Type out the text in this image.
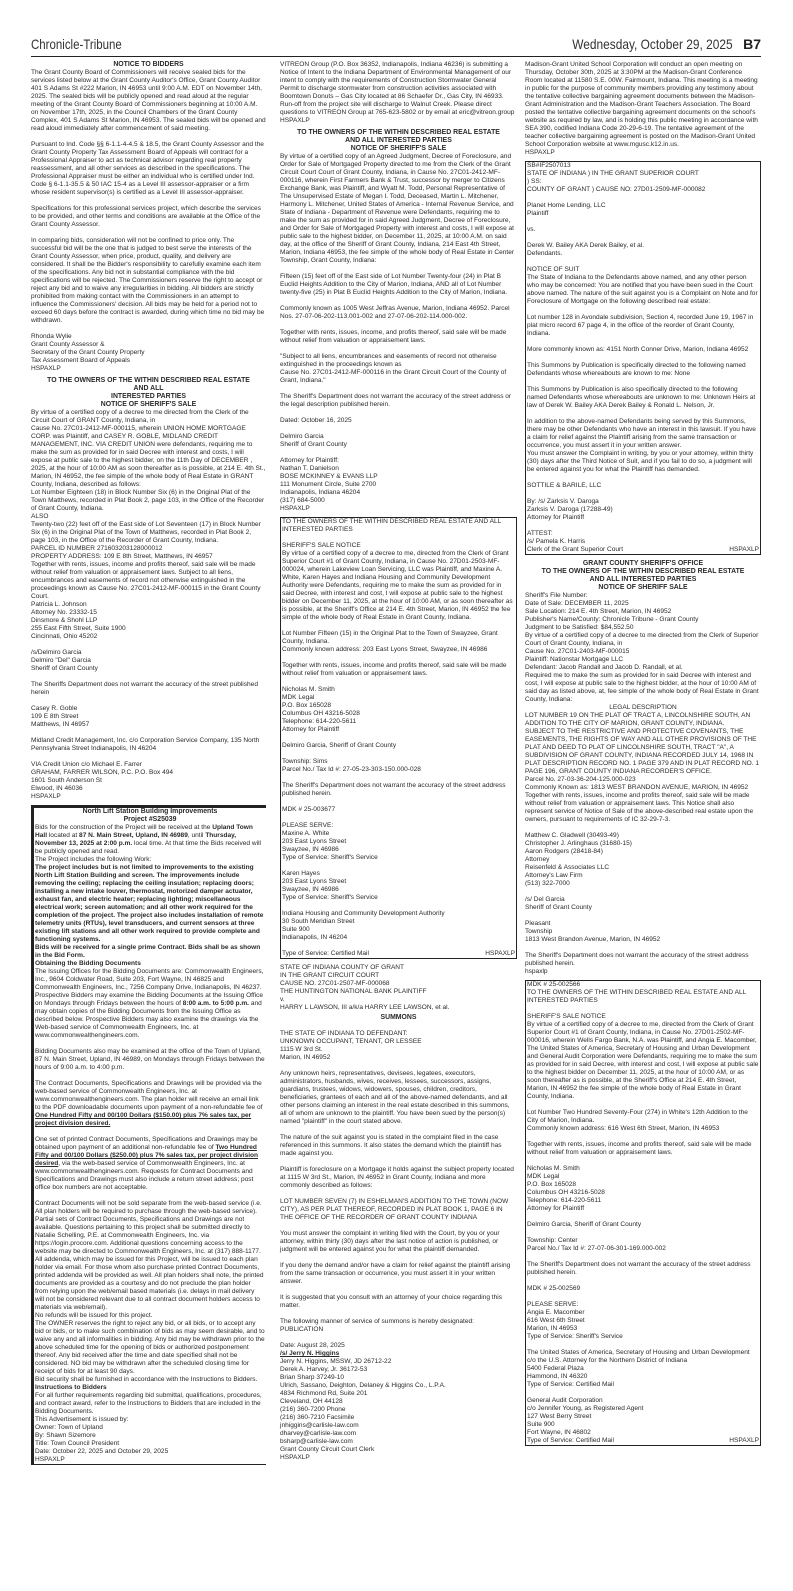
Chronicle-Tribune	Wednesday, October 29, 2025 B7
NOTICE TO BIDDERS
The Grant County Board of Commissioners will receive sealed bids for the services listed below at the Grant County Auditor's Office, Grant County Auditor 401 S Adams St #222 Marion, IN 46953 until 9:00 A.M. EDT on November 14th, 2025. The sealed bids will be publicly opened and read aloud at the regular meeting of the Grant County Board of Commissioners beginning at 10:00 A.M. on November 17th, 2025, in the Council Chambers of the Grant County Complex, 401 S Adams St Marion, IN 46953. The sealed bids will be opened and read aloud immediately after commencement of said meeting.
Pursuant to Ind. Code §§ 6-1.1-4-4.5 & 18.5, the Grant County Assessor and the Grant County Property Tax Assessment Board of Appeals will contract for a Professional Appraiser to act as technical advisor regarding real property reassessment, and all other services as described in the specifications. The Professional Appraiser must be either an individual who is certified under Ind. Code § 6-1.1-35.5 & 50 IAC 15-4 as a Level III assessor-appraiser or a firm whose resident supervisor(s) is certified as a Level III assessor-appraiser.
Specifications for this professional services project, which describe the services to be provided, and other terms and conditions are available at the Office of the Grant County Assessor.
In comparing bids, consideration will not be confined to price only. The successful bid will be the one that is judged to best serve the interests of the Grant County Assessor, when price, product, quality, and delivery are considered. It shall be the Bidder's responsibility to carefully examine each item of the specifications. Any bid not in substantial compliance with the bid specifications will be rejected. The Commissioners reserve the right to accept or reject any bid and to waive any irregularities in bidding. All bidders are strictly prohibited from making contact with the Commissioners in an attempt to influence the Commissioners' decision. All bids may be held for a period not to exceed 60 days before the contract is awarded, during which time no bid may be withdrawn.
Rhonda Wylie
Grant County Assessor &
Secretary of the Grant County Property
Tax Assessment Board of Appeals
HSPAXLP
TO THE OWNERS OF THE WITHIN DESCRIBED REAL ESTATE
AND ALL
INTERESTED PARTIES
NOTICE OF SHERIFF'S SALE
By virtue of a certified copy of a decree to me directed from the Clerk of the Circuit Court of GRANT County, Indiana, in
Cause No. 27C01-2412-MF-000115, wherein UNION HOME MORTGAGE CORP. was Plaintiff, and CASEY R. GOBLE, MIDLAND CREDIT MANAGEMENT, INC. VIA CREDIT UNION were defendants, requiring me to make the sum as provided for in said Decree with interest and costs, I will expose at public sale to the highest bidder, on the 11th Day of DECEMBER , 2025, at the hour of 10:00 AM as soon thereafter as is possible, at 214 E. 4th St., Marion, IN 46952, the fee simple of the whole body of Real Estate in GRANT County, Indiana, described as follows:
Lot Number Eighteen (18) in Block Number Six (6) in the Original Plat of the Town Matthews, recorded in Plat Book 2, page 103, in the Office of the Recorder of Grant County, Indiana.
ALSO
Twenty-two (22) feet off of the East side of Lot Seventeen (17) in Block Number Six (6) in the Original Plat of the Town of Matthews, recorded in Plat Book 2, page 103, in the Office of the Recorder of Grant County, Indiana.
PARCEL ID NUMBER 271603203128000012
PROPERTY ADDRESS: 109 E 8th Street, Matthews, IN 46957
Together with rents, issues, income and profits thereof, said sale will be made without relief from valuation or appraisement laws. Subject to all liens, encumbrances and easements of record not otherwise extinguished in the proceedings known as Cause No. 27C01-2412-MF-000115 in the Grant County Court.
Patricia L. Johnson
Attorney No. 23332-15
Dinsmore & Shohl LLP
255 East Fifth Street, Suite 1900
Cincinnati, Ohio 45202
/s/Delmiro Garcia
Delmiro "Del" Garcia
Sheriff of Grant County
The Sheriffs Department does not warrant the accuracy of the street published herein
Casey R. Goble
109 E 8th Street
Matthews, IN 46957
Midland Credit Management, Inc. c/o Corporation Service Company, 135 North Pennsylvania Street Indianapolis, IN 46204
VIA Credit Union c/o Michael E. Farrer
GRAHAM, FARRER WILSON, P.C. P.O. Box 494
1601 South Anderson St
Elwood, IN 46036
HSPAXLP
North Lift Station Building Improvements
Project #S25039
Bids for the construction of the Project will be received at the Upland Town Hall located at 87 N. Main Street, Upland, IN 46989, until Thursday, November 13, 2025 at 2:00 p.m. local time. At that time the Bids received will be publicly opened and read.
The Project includes the following Work:
The project includes but is not limited to improvements to the existing North Lift Station Building and screen. The improvements include removing the ceiling; replacing the ceiling insulation; replacing doors; installing a new intake louver, thermostat, motorized damper actuator, exhaust fan, and electric heater; replacing lighting; miscellaneous electrical work; screen automation; and all other work required for the completion of the project. The project also includes installation of remote telemetry units (RTUs), level transducers, and current sensors at three existing lift stations and all other work required to provide complete and functioning systems.
Bids will be received for a single prime Contract. Bids shall be as shown in the Bid Form.
Obtaining the Bidding Documents
The Issuing Offices for the Bidding Documents are: Commonwealth Engineers, Inc., 9604 Coldwater Road, Suite 203, Fort Wayne, IN 46825 and Commonwealth Engineers, Inc., 7256 Company Drive, Indianapolis, IN 46237. Prospective Bidders may examine the Bidding Documents at the Issuing Office on Mondays through Fridays between the hours of 8:00 a.m. to 5:00 p.m. and may obtain copies of the Bidding Documents from the Issuing Office as described below. Prospective Bidders may also examine the drawings via the Web-based service of Commonwealth Engineers, Inc. at www.commonwealthengineers.com.
Bidding Documents also may be examined at the office of the Town of Upland, 87 N. Main Street, Upland, IN 46989, on Mondays through Fridays between the hours of 9:00 a.m. to 4:00 p.m.
The Contract Documents, Specifications and Drawings will be provided via the web-based service of Commonwealth Engineers, Inc. at www.commonwealthengineers.com. The plan holder will receive an email link to the PDF downloadable documents upon payment of a non-refundable fee of One Hundred Fifty and 00/100 Dollars ($150.00) plus 7% sales tax, per project division desired.
One set of printed Contract Documents, Specifications and Drawings may be obtained upon payment of an additional non-refundable fee of Two Hundred Fifty and 00/100 Dollars ($250.00) plus 7% sales tax, per project division desired, via the web-based service of Commonwealth Engineers, Inc. at www.commonwealthengineers.com. Requests for Contract Documents and Specifications and Drawings must also include a return street address; post office box numbers are not acceptable.
Contract Documents will not be sold separate from the web-based service (i.e. All plan holders will be required to purchase through the web-based service). Partial sets of Contract Documents, Specifications and Drawings are not available. Questions pertaining to this project shall be submitted directly to Natalie Schelling, P.E. at Commonwealth Engineers, Inc. via https://login.procore.com. Additional questions concerning access to the website may be directed to Commonwealth Engineers, Inc. at (317) 888-1177.
All addenda, which may be issued for this Project, will be issued to each plan holder via email. For those whom also purchase printed Contract Documents, printed addenda will be provided as well. All plan holders shall note, the printed documents are provided as a courtesy and do not preclude the plan holder from relying upon the web/email based materials (i.e. delays in mail delivery will not be considered relevant due to all contract document holders access to materials via web/email).
No refunds will be issued for this project.
The OWNER reserves the right to reject any bid, or all bids, or to accept any bid or bids, or to make such combination of bids as may seem desirable, and to waive any and all informalities in bidding. Any bid may be withdrawn prior to the above scheduled time for the opening of bids or authorized postponement thereof. Any bid received after the time and date specified shall not be considered. NO bid may be withdrawn after the scheduled closing time for receipt of bids for at least 90 days.
Bid security shall be furnished in accordance with the Instructions to Bidders.
Instructions to Bidders
For all further requirements regarding bid submittal, qualifications, procedures, and contract award, refer to the Instructions to Bidders that are included in the Bidding Documents.
This Advertisement is issued by:
Owner: Town of Upland
By: Shawn Sizemore
Title: Town Council President
Date: October 22, 2025 and October 29, 2025
HSPAXLP
VITREON Group (P.O. Box 36352, Indianapolis, Indiana 46236) is submitting a Notice of Intent to the Indiana Department of Environmental Management of our intent to comply with the requirements of Construction Stormwater General Permit to discharge stormwater from construction activities associated with Boomtown Donuts – Gas City located at 86 Schaefer Dr., Gas City, IN 46933. Run-off from the project site will discharge to Walnut Creek. Please direct questions to VITREON Group at 765-623-5802 or by email at eric@vitreon.group
HSPAXLP
TO THE OWNERS OF THE WITHIN DESCRIBED REAL ESTATE
AND ALL INTERESTED PARTIES
NOTICE OF SHERIFF'S SALE
By virtue of a certified copy of an Agreed Judgment, Decree of Foreclosure, and Order for Sale of Mortgaged Property directed to me from the Clerk of the Grant Circuit Court Court of Grant County, Indiana, in Cause No. 27C01-2412-MF-000116, wherein First Farmers Bank & Trust, successor by merger to Citizens Exchange Bank, was Plaintiff, and Wyatt M. Todd, Personal Representative of The Unsupervised Estate of Megan I. Todd, Deceased, Martin L. Mitchener, Harmony L. Mitchener, United States of America - Internal Revenue Service, and State of Indiana - Department of Revenue were Defendants, requiring me to make the sum as provided for in said Agreed Judgment, Decree of Foreclosure, and Order for Sale of Mortgaged Property with interest and costs, I will expose at public sale to the highest bidder, on December 11, 2025, at 10:00 A.M. on said day, at the office of the Sheriff of Grant County, Indiana, 214 East 4th Street, Marion, Indiana 46953, the fee simple of the whole body of Real Estate in Center Township, Grant County, Indiana:
Fifteen (15) feet off of the East side of Lot Number Twenty-four (24) in Plat B Euclid Heights Addition to the City of Marion, Indiana, AND all of Lot Number twenty-five (25) in Plat B Euclid Heights Addition to the City of Marion, Indiana.
Commonly known as 1005 West Jeffras Avenue, Marion, Indiana 46952. Parcel Nos. 27-07-06-202-113.001-002 and 27-07-06-202-114.000-002.
Together with rents, issues, income, and profits thereof, said sale will be made without relief from valuation or appraisement laws.
"Subject to all liens, encumbrances and easements of record not otherwise extinguished in the proceedings known as
Cause No. 27C01-2412-MF-000116 in the Grant Circuit Court of the County of Grant, Indiana."
The Sheriff's Department does not warrant the accuracy of the street address or the legal description published herein.
Dated: October 16, 2025
Delmiro Garcia
Sheriff of Grant County
Attorney for Plaintiff:
Nathan T. Danielson
BOSE MCKINNEY & EVANS LLP
111 Monument Circle, Suite 2700
Indianapolis, Indiana 46204
(317) 684-5000
HSPAXLP
TO THE OWNERS OF THE WITHIN DESCRIBED REAL ESTATE AND ALL INTERESTED PARTIES
SHERIFF'S SALE NOTICE
By virtue of a certified copy of a decree to me, directed from the Clerk of Grant Superior Court #1 of Grant County, Indiana, in Cause No. 27D01-2503-MF-000024, wherein Lakeview Loan Servicing, LLC was Plaintiff, and Maxine A. White, Karen Hayes and Indiana Housing and Community Development Authority were Defendants, requiring me to make the sum as provided for in said Decree, with interest and cost, I will expose at public sale to the highest bidder on December 11, 2025, at the hour of 10:00 AM, or as soon thereafter as is possible, at the Sheriff's Office at 214 E. 4th Street, Marion, IN 46952 the fee simple of the whole body of Real Estate in Grant County, Indiana.
Lot Number Fifteen (15) in the Original Plat to the Town of Swayzee, Grant County, Indiana.
Commonly known address: 203 East Lyons Street, Swayzee, IN 46986
Together with rents, issues, income and profits thereof, said sale will be made without relief from valuation or appraisement laws.
Nicholas M. Smith
MDK Legal
P.O. Box 165028
Columbus OH 43216-5028
Telephone: 614-220-5611
Attorney for Plaintiff
Delmiro Garcia, Sheriff of Grant County
Township: Sims
Parcel No./ Tax Id #: 27-05-23-303-150.000-028
The Sheriff's Department does not warrant the accuracy of the street address published herein.
MDK # 25-003677
PLEASE SERVE:
Maxine A. White
203 East Lyons Street
Swayzee, IN 46986
Type of Service: Sheriff's Service
Karen Hayes
203 East Lyons Street
Swayzee, IN 46986
Type of Service: Sheriff's Service
Indiana Housing and Community Development Authority
30 South Meridian Street
Suite 900
Indianapolis, IN 46204
Type of Service: Certified Mail	HSPAXLP
STATE OF INDIANA COUNTY OF GRANT
IN THE GRANT CIRCUIT COURT
CAUSE NO. 27C01-2507-MF-000068
THE HUNTINGTON NATIONAL BANK PLAINTIFF
v.
HARRY L LAWSON, III a/k/a HARRY LEE LAWSON, et al.
SUMMONS
THE STATE OF INDIANA TO DEFENDANT:
UNKNOWN OCCUPANT, TENANT, OR LESSEE
1115 W 3rd St.
Marion, IN 46952
Any unknown heirs, representatives, devisees, legatees, executors, administrators, husbands, wives, receives, lessees, successors, assigns, guardians, trustees, widows, widowers, spouses, children, creditors, beneficiaries, grantees of each and all of the above-named defendants, and all other persons claiming an interest in the real estate described in this summons, all of whom are unknown to the plaintiff. You have been sued by the person(s) named "plaintiff" in the court stated above.
The nature of the suit against you is stated in the complaint filed in the case referenced in this summons. It also states the demand which the plaintiff has made against you.
Plaintiff is foreclosure on a Mortgage it holds against the subject property located at 1115 W 3rd St., Marion, IN 46952 in Grant County, Indiana and more commonly described as follows:
LOT NUMBER SEVEN (7) IN ESHELMAN'S ADDITION TO THE TOWN (NOW CITY), AS PER PLAT THEREOF, RECORDED IN PLAT BOOK 1, PAGE 6 IN THE OFFICE OF THE RECORDER OF GRANT COUNTY INDIANA
You must answer the complaint in writing filed with the Court, by you or your attorney, within thirty (30) days after the last notice of action is published, or judgment will be entered against you for what the plaintiff demanded.
If you deny the demand and/or have a claim for relief against the plaintiff arising from the same transaction or occurrence, you must assert it in your written answer.
It is suggested that you consult with an attorney of your choice regarding this matter.
The following manner of service of summons is hereby designated:
PUBLICATION
Date: August 28, 2025
/s/ Jerry N. Higgins
Jerry N. Higgins, MSSW, JD 26712-22
Derek A. Harvey, Jr. 36172-53
Brian Sharp 37249-10
Ulrich, Sassano, Deighton, Delaney & Higgins Co., L.P.A.
4834 Richmond Rd, Suite 201
Cleveland, OH 44128
(216) 360-7200 Phone
(216) 360-7210 Facsimile
jnhiggins@carlisle-law.com
dharvey@carlisle-law.com
bsharp@carlisle-law.com
Grant County Circuit Court Clerk
HSPAXLP
Madison-Grant United School Corporation will conduct an open meeting on Thursday, October 30th, 2025 at 3:30PM at the Madison-Grant Conference Room located at 11580 S.E. 00W. Fairmount, Indiana. This meeting is a meeting in public for the purpose of community members providing any testimony about the tentative collective bargaining agreement documents between the Madison-Grant Administration and the Madison-Grant Teachers Association. The Board posted the tentative collective bargaining agreement documents on the school's website as required by law, and is holding this public meeting in accordance with SEA 390, codified Indiana Code 20-29-6-19. The tentative agreement of the teacher collective bargaining agreement is posted on the Madison-Grant United School Corporation website at www.mgusc.k12.in.us.
HSPAXLP
SB#IF2507013
STATE OF INDIANA ) IN THE GRANT SUPERIOR COURT
) SS:
COUNTY OF GRANT ) CAUSE NO: 27D01-2509-MF-000082
Planet Home Lending, LLC
Plaintiff
vs.
Derek W. Bailey AKA Derek Bailey, et al.
Defendants.
NOTICE OF SUIT
The State of Indiana to the Defendants above named, and any other person who may be concerned: You are notified that you have been sued in the Court above named. The nature of the suit against you is a Complaint on Note and for Foreclosure of Mortgage on the following described real estate:
Lot number 128 in Avondale subdivision, Section 4, recorded June 19, 1967 in plat micro record 67 page 4, in the office of the reorder of Grant County, Indiana.
More commonly known as: 4151 North Conner Drive, Marion, Indiana 46952
This Summons by Publication is specifically directed to the following named Defendants whose whereabouts are known to me: None
This Summons by Publication is also specifically directed to the following named Defendants whose whereabouts are unknown to me: Unknown Heirs at law of Derek W. Bailey AKA Derek Bailey & Ronald L. Nelson, Jr.
In addition to the above-named Defendants being served by this Summons, there may be other Defendants who have an interest in this lawsuit. If you have a claim for relief against the Plaintiff arising from the same transaction or occurrence, you must assert it in your written answer.
You must answer the Complaint in writing, by you or your attorney, within thirty (30) days after the Third Notice of Suit, and if you fail to do so, a judgment will be entered against you for what the Plaintiff has demanded.
SOTTILE & BARILE, LLC
By: /s/ Zarksis V. Daroga
Zarksis V. Daroga (17288-49)
Attorney for Plaintiff
ATTEST:
/s/ Pamela K. Harris
Clerk of the Grant Superior Court	HSPAXLP
GRANT COUNTY SHERIFF'S OFFICE
TO THE OWNERS OF THE WITHIN DESCRIBED REAL ESTATE
AND ALL INTERESTED PARTIES
NOTICE OF SHERIFF SALE
Sheriff's File Number:
Date of Sale: DECEMBER 11, 2025
Sale Location: 214 E. 4th Street, Marion, IN 46952
Publisher's Name/County: Chronicle Tribune - Grant County
Judgment to be Satisfied: $84,552.50
By virtue of a certified copy of a decree to me directed from the Clerk of Superior Court of Grant County, Indiana, in
Cause No. 27C01-2403-MF-000015
Plaintiff: Nationstar Mortgage LLC
Defendant: Jacob Randall and Jacob D. Randall, et al.
Required me to make the sum as provided for in said Decree with interest and cost, I will expose at public sale to the highest bidder, at the hour of 10:00 AM of said day as listed above, at, fee simple of the whole body of Real Estate in Grant County, Indiana:
LEGAL DESCRIPTION
LOT NUMBER 19 ON THE PLAT OF TRACT A, LINCOLNSHIRE SOUTH, AN ADDITION TO THE CITY OF MARION, GRANT COUNTY, INDIANA.
SUBJECT TO THE RESTRICTIVE AND PROTECTIVE COVENANTS, THE EASEMENTS, THE RIGHTS OF WAY AND ALL OTHER PROVISIONS OF THE PLAT AND DEED TO PLAT OF LINCOLNSHIRE SOUTH, TRACT "A", A SUBDIVISION OF GRANT COUNTY, INDIANA RECORDED JULY 14, 1968 IN PLAT DESCRIPTION RECORD NO. 1 PAGE 379 AND IN PLAT RECORD NO. 1 PAGE 196, GRANT COUNTY INDIANA RECORDER'S OFFICE.
Parcel No. 27-03-36-204-125.000-023
Commonly Known as: 1813 WEST BRANDON AVENUE, MARION, IN 46952
Together with rents, issues, income and profits thereof, said sale will be made without relief from valuation or appraisement laws. This Notice shall also represent service of Notice of Sale of the above-described real estate upon the owners, pursuant to requirements of IC 32-29-7-3.
Matthew C. Gladwell (30493-49)
Christopher J. Arlinghaus (31680-15)
Aaron Rodgers (28418-84)
Attorney
Reisenfeld & Associates LLC
Attorney's Law Firm
(513) 322-7000
/s/ Del Garcia
Sheriff of Grant County
Pleasant
Township
1813 West Brandon Avenue, Marion, IN 46952
The Sheriff's Department does not warrant the accuracy of the street address published herein.
hspaxlp
MDK # 25-002566
TO THE OWNERS OF THE WITHIN DESCRIBED REAL ESTATE AND ALL INTERESTED PARTIES
SHERIFF'S SALE NOTICE
By virtue of a certified copy of a decree to me, directed from the Clerk of Grant Superior Court #1 of Grant County, Indiana, in Cause No. 27D01-2502-MF-000016, wherein Wells Fargo Bank, N.A. was Plaintiff, and Angia E. Macomber, The United States of America, Secretary of Housing and Urban Development and General Audit Corporation were Defendants, requiring me to make the sum as provided for in said Decree, with interest and cost, I will expose at public sale to the highest bidder on December 11, 2025, at the hour of 10:00 AM, or as soon thereafter as is possible, at the Sheriff's Office at 214 E. 4th Street, Marion, IN 46952 the fee simple of the whole body of Real Estate in Grant County, Indiana.
Lot Number Two Hundred Seventy-Four (274) in White's 12th Addition to the City of Marion, Indiana.
Commonly known address: 616 West 6th Street, Marion, IN 46953
Together with rents, issues, income and profits thereof, said sale will be made without relief from valuation or appraisement laws.
Nicholas M. Smith
MDK Legal
P.O. Box 165028
Columbus OH 43216-5028
Telephone: 614-220-5611
Attorney for Plaintiff
Delmiro Garcia, Sheriff of Grant County
Township: Center
Parcel No./ Tax Id #: 27-07-06-301-169.000-002
The Sheriff's Department does not warrant the accuracy of the street address published herein.
MDK # 25-002569
PLEASE SERVE:
Angia E. Macomber
616 West 6th Street
Marion, IN 46953
Type of Service: Sheriff's Service
The United States of America, Secretary of Housing and Urban Development
c/o the U.S. Attorney for the Northern District of Indiana
5400 Federal Plaza
Hammond, IN 46320
Type of Service: Certified Mail
General Audit Corporation
c/o Jennifer Young, as Registered Agent
127 West Berry Street
Suite 900
Fort Wayne, IN 46802
Type of Service: Certified Mail	HSPAXLP
